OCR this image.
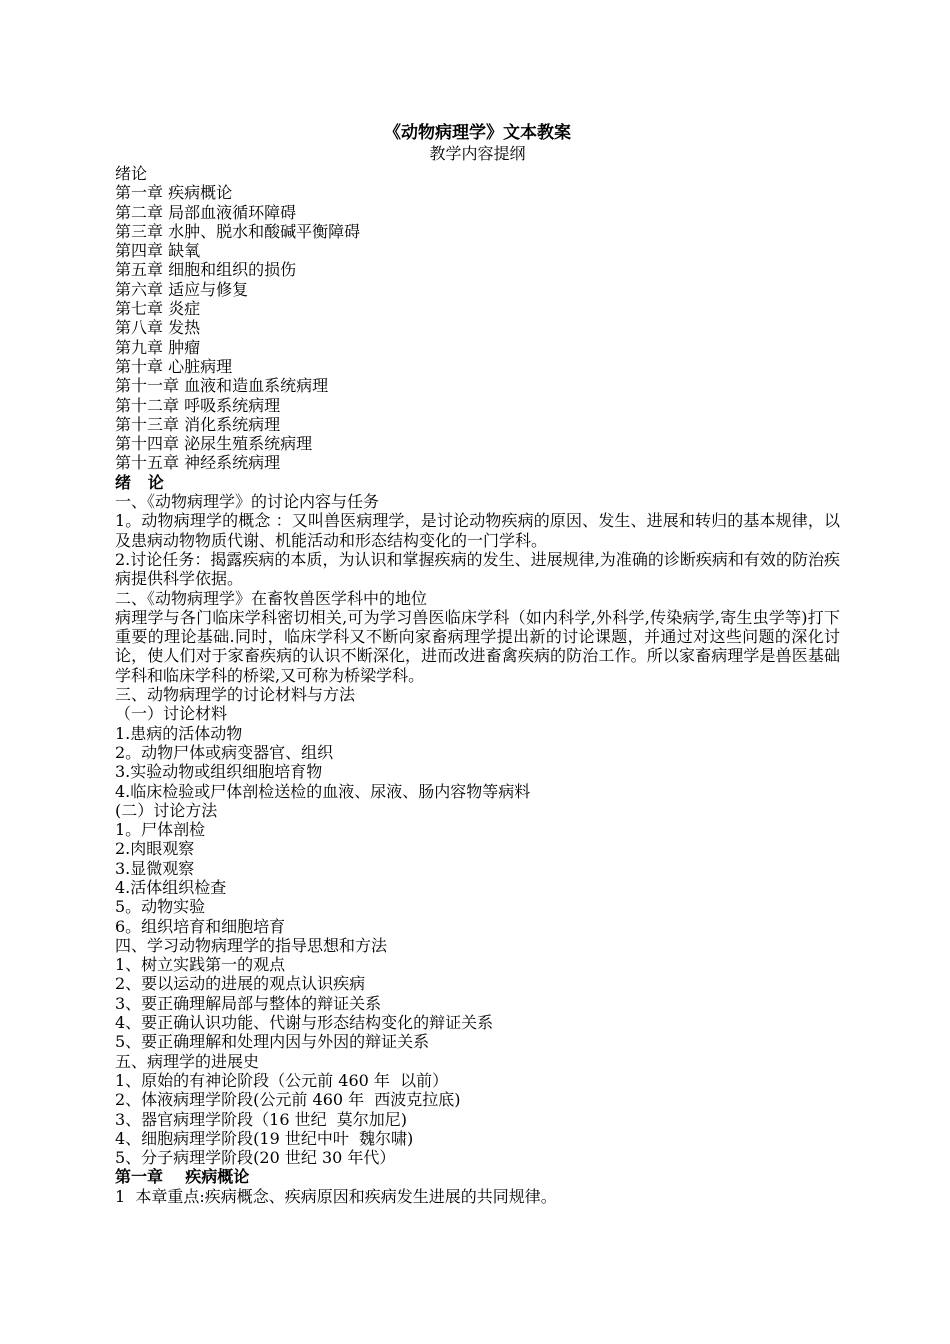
《动物病理学》文本教案
教学内容提纲
绪论
第一章 疾病概论
第二章 局部血液循环障碍
第三章 水肿、脱水和酸碱平衡障碍
第四章 缺氧
第五章 细胞和组织的损伤
第六章 适应与修复
第七章 炎症
第八章 发热
第九章 肿瘤
第十章 心脏病理
第十一章 血液和造血系统病理
第十二章 呼吸系统病理
第十三章 消化系统病理
第十四章 泌尿生殖系统病理
第十五章 神经系统病理
绪   论
一、《动物病理学》的讨论内容与任务
1。动物病理学的概念 ：又叫兽医病理学，是讨论动物疾病的原因、发生、进展和转归的基本规律，以及患病动物物质代谢、机能活动和形态结构变化的一门学科。
2.讨论任务：揭露疾病的本质，为认识和掌握疾病的发生、进展规律,为准确的诊断疾病和有效的防治疾病提供科学依据。
二、《动物病理学》在畜牧兽医学科中的地位
病理学与各门临床学科密切相关,可为学习兽医临床学科（如内科学,外科学,传染病学,寄生虫学等)打下重要的理论基础.同时，临床学科又不断向家畜病理学提出新的讨论课题，并通过对这些问题的深化讨论，使人们对于家畜疾病的认识不断深化，进而改进畜禽疾病的防治工作。所以家畜病理学是兽医基础学科和临床学科的桥梁,又可称为桥梁学科。
三、动物病理学的讨论材料与方法
（一）讨论材料
1.患病的活体动物
2。动物尸体或病变器官、组织
3.实验动物或组织细胞培育物
4.临床检验或尸体剖检送检的血液、尿液、肠内容物等病料
(二）讨论方法
1。尸体剖检
2.肉眼观察
3.显微观察
4.活体组织检查
5。动物实验
6。组织培育和细胞培育
四、学习动物病理学的指导思想和方法
1、树立实践第一的观点
2、要以运动的进展的观点认识疾病
3、要正确理解局部与整体的辩证关系
4、要正确认识功能、代谢与形态结构变化的辩证关系
5、要正确理解和处理内因与外因的辩证关系
五、病理学的进展史
1、原始的有神论阶段（公元前 460 年  以前）
2、体液病理学阶段(公元前 460 年  西波克拉底)
3、器官病理学阶段（16 世纪  莫尔加尼)
4、细胞病理学阶段(19 世纪中叶  魏尔啸)
5、分子病理学阶段(20 世纪 30 年代）
第一章    疾病概论
1  本章重点:疾病概念、疾病原因和疾病发生进展的共同规律。
